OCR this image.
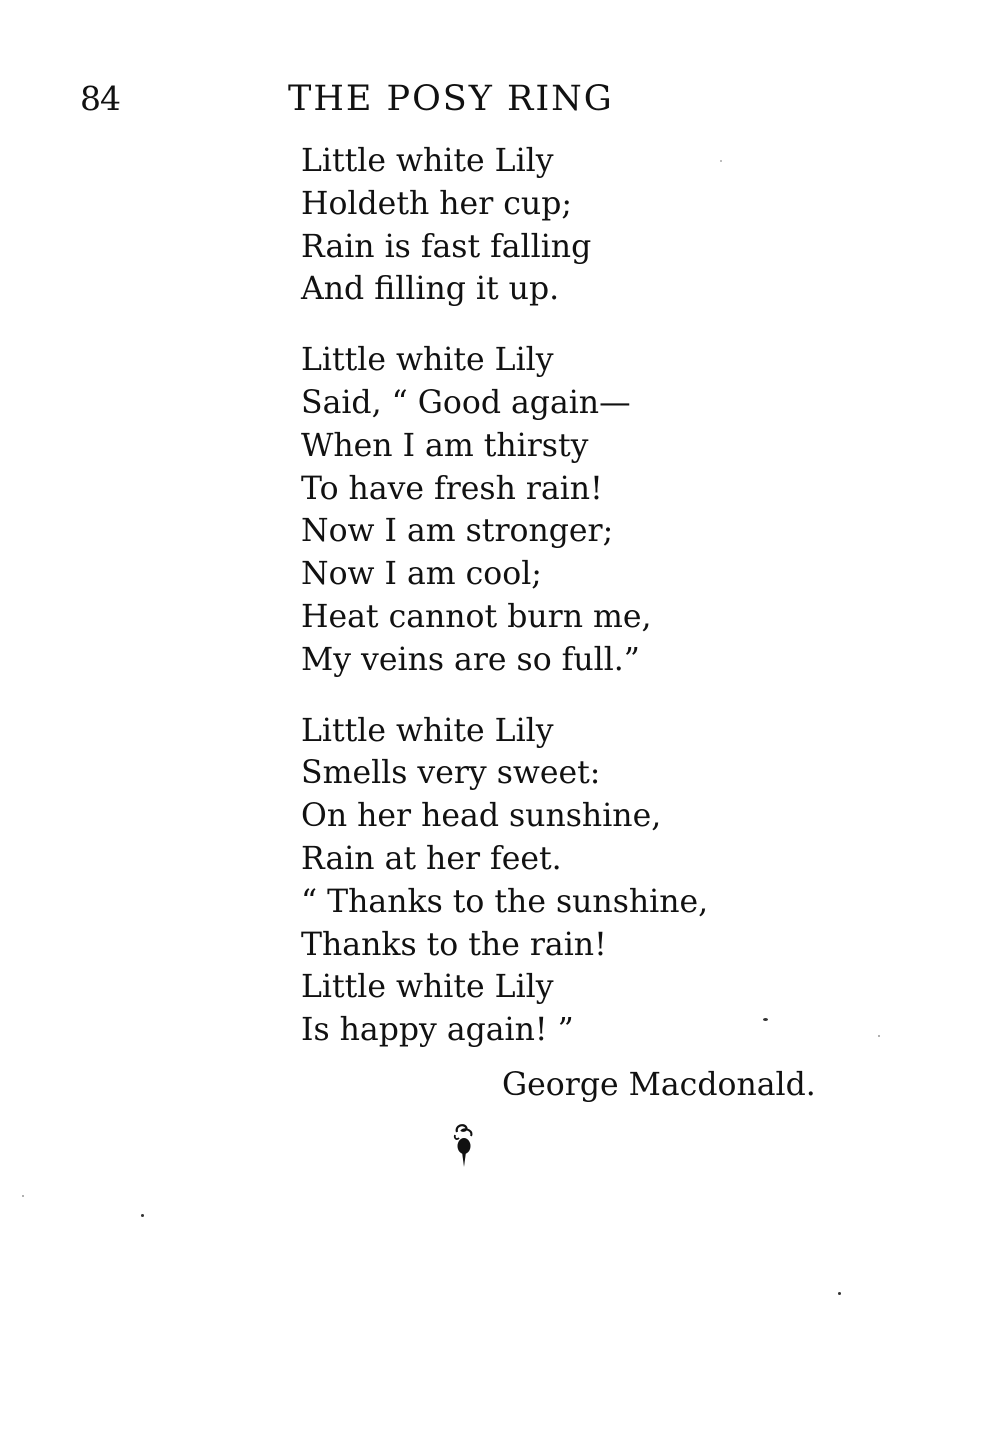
84	THE POSY RING
Little white Lily
Holdeth her cup;
Rain is fast falling
And filling it up.
Little white Lily
Said, “ Good again—
When I am thirsty
To have fresh rain!
Now I am stronger;
Now I am cool;
Heat cannot burn me,
My veins are so full.”
Little white Lily
Smells very sweet:
On her head sunshine,
Rain at her feet.
“ Thanks to the sunshine,
Thanks to the rain!
Little white Lily
Is happy again! ”
George Macdonald.
